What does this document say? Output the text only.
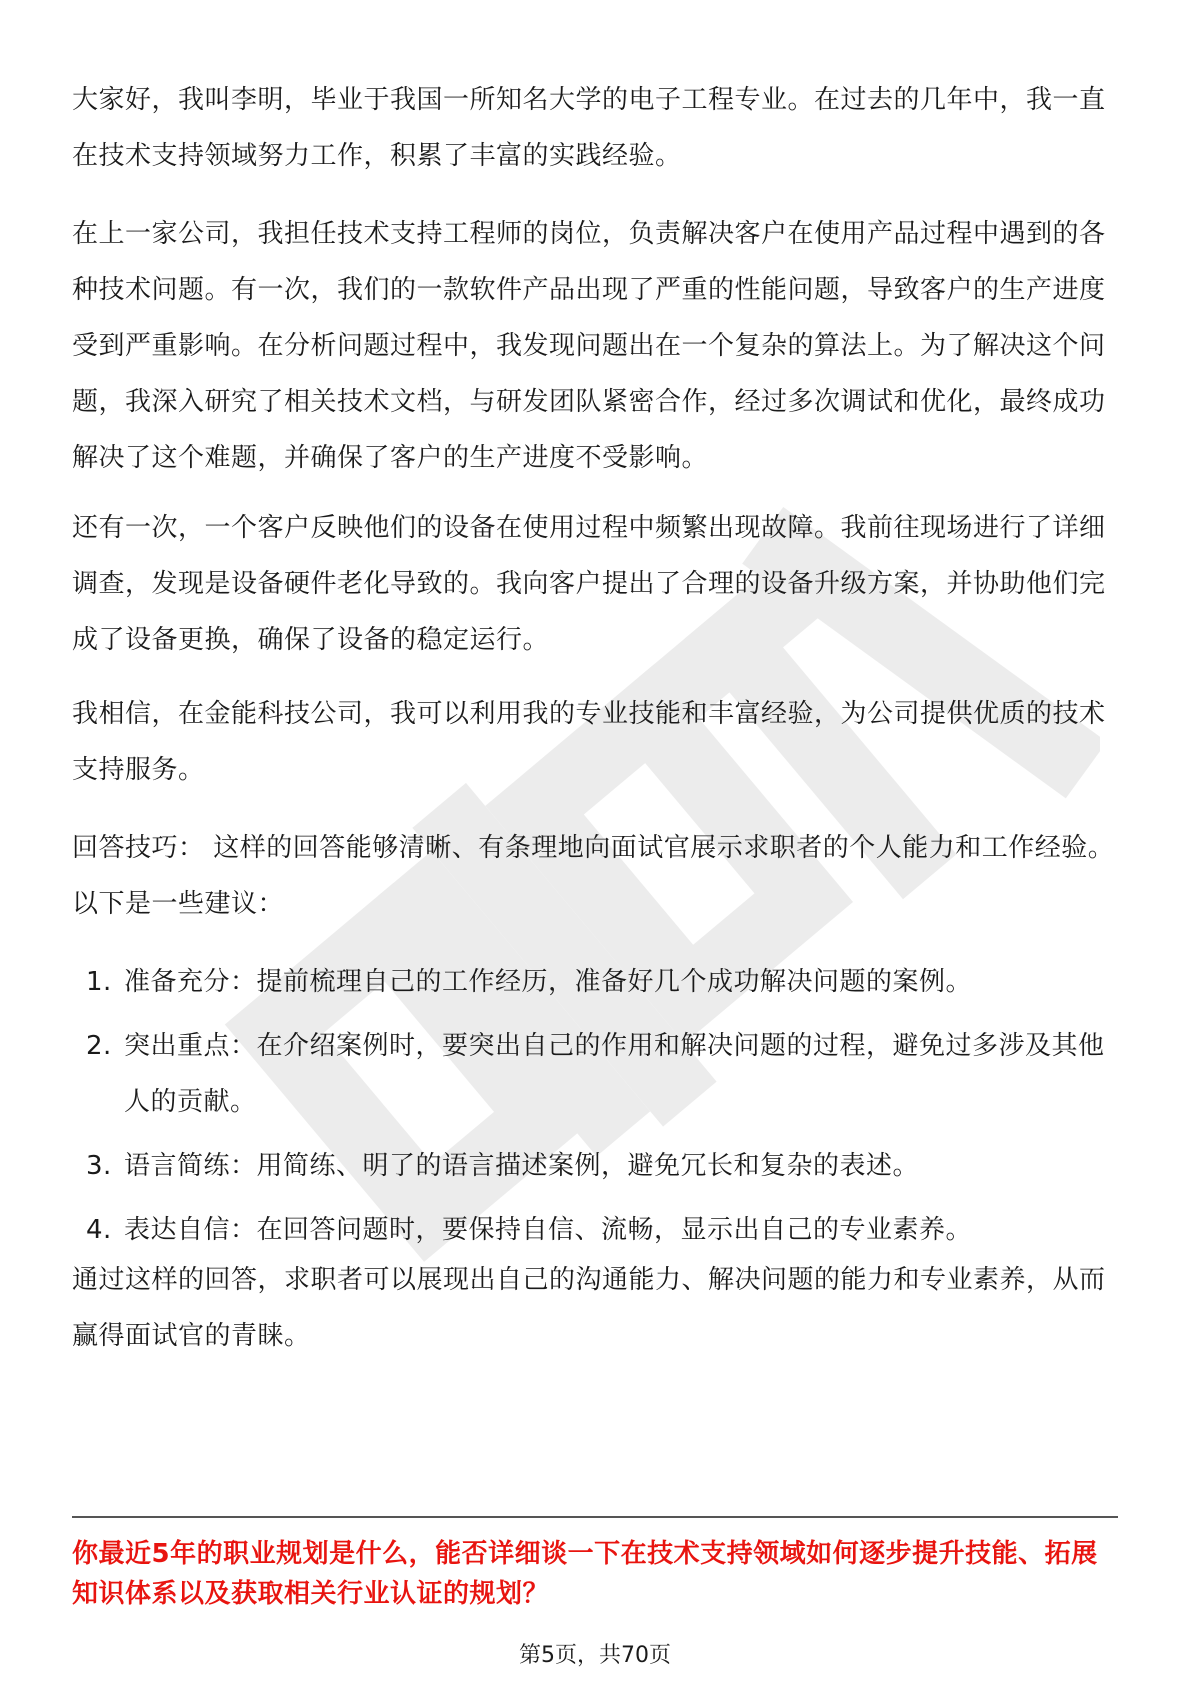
大家好，我叫李明，毕业于我国一所知名大学的电子工程专业。在过去的几年中，我一直在技术支持领域努力工作，积累了丰富的实践经验。

在上一家公司，我担任技术支持工程师的岗位，负责解决客户在使用产品过程中遇到的各种技术问题。有一次，我们的一款软件产品出现了严重的性能问题，导致客户的生产进度受到严重影响。在分析问题过程中，我发现问题出在一个复杂的算法上。为了解决这个问题，我深入研究了相关技术文档，与研发团队紧密合作，经过多次调试和优化，最终成功解决了这个难题，并确保了客户的生产进度不受影响。

还有一次，一个客户反映他们的设备在使用过程中频繁出现故障。我前往现场进行了详细调查，发现是设备硬件老化导致的。我向客户提出了合理的设备升级方案，并协助他们完成了设备更换，确保了设备的稳定运行。

我相信，在金能科技公司，我可以利用我的专业技能和丰富经验，为公司提供优质的技术支持服务。

回答技巧： 这样的回答能够清晰、有条理地向面试官展示求职者的个人能力和工作经验。以下是一些建议：

1. 准备充分：提前梳理自己的工作经历，准备好几个成功解决问题的案例。
2. 突出重点：在介绍案例时，要突出自己的作用和解决问题的过程，避免过多涉及其他人的贡献。
3. 语言简练：用简练、明了的语言描述案例，避免冗长和复杂的表述。
4. 表达自信：在回答问题时，要保持自信、流畅，显示出自己的专业素养。

通过这样的回答，求职者可以展现出自己的沟通能力、解决问题的能力和专业素养，从而赢得面试官的青睐。

你最近5年的职业规划是什么，能否详细谈一下在技术支持领域如何逐步提升技能、拓展知识体系以及获取相关行业认证的规划？

第5页，共70页
